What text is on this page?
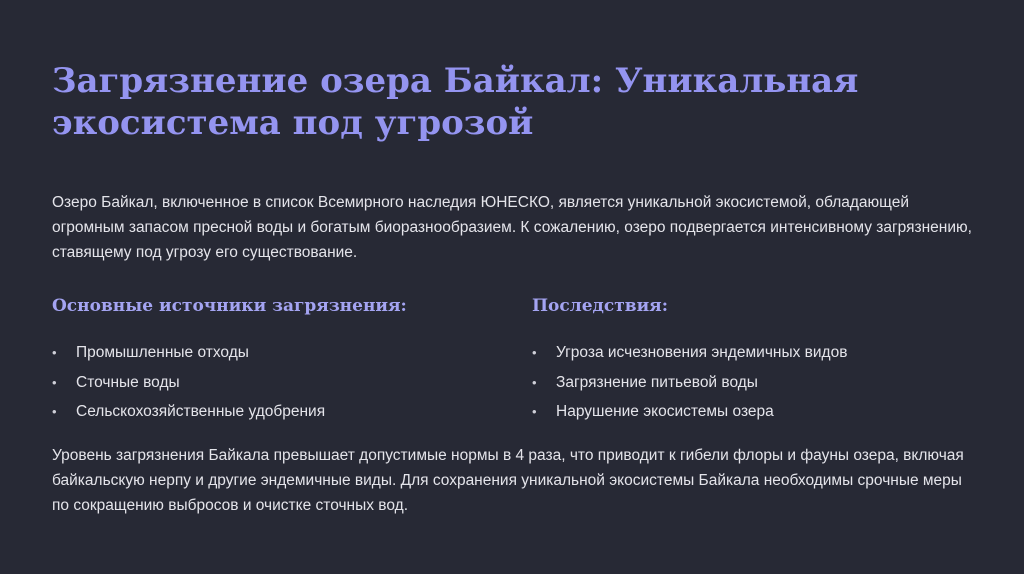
Загрязнение озера Байкал: Уникальная экосистема под угрозой

Озеро Байкал, включенное в список Всемирного наследия ЮНЕСКО, является уникальной экосистемой, обладающей огромным запасом пресной воды и богатым биоразнообразием. К сожалению, озеро подвергается интенсивному загрязнению, ставящему под угрозу его существование.

Основные источники загрязнения:
• Промышленные отходы
• Сточные воды
• Сельскохозяйственные удобрения
Последствия:
• Угроза исчезновения эндемичных видов
• Загрязнение питьевой воды
• Нарушение экосистемы озера

Уровень загрязнения Байкала превышает допустимые нормы в 4 раза, что приводит к гибели флоры и фауны озера, включая байкальскую нерпу и другие эндемичные виды. Для сохранения уникальной экосистемы Байкала необходимы срочные меры по сокращению выбросов и очистке сточных вод.
